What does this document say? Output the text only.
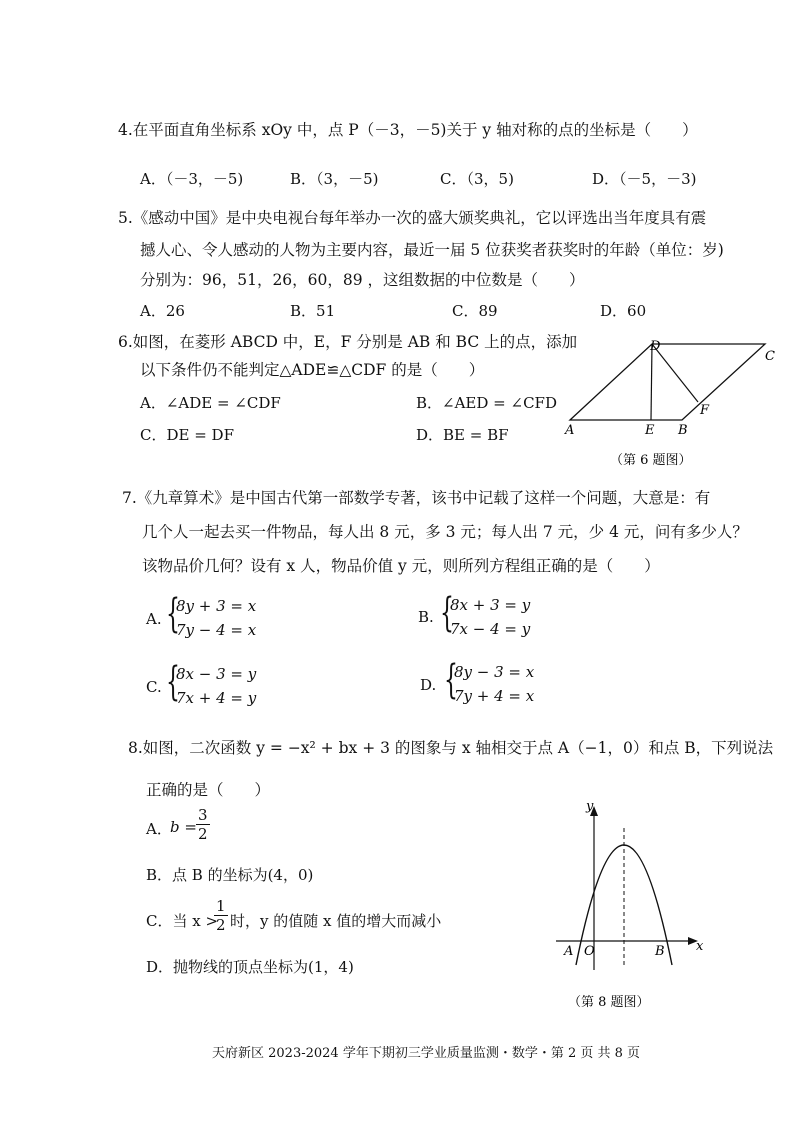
4.在平面直角坐标系 xOy 中，点 P（－3，－5)关于 y 轴对称的点的坐标是（　　）
A．（－3，－5)	B．（3，－5)	C．（3，5)	D．（－5，－3)
5.《感动中国》是中央电视台每年举办一次的盛大颁奖典礼，它以评选出当年度具有震
撼人心、令人感动的人物为主要内容，最近一届 5 位获奖者获奖时的年龄（单位：岁)
分别为：96，51，26，60，89 ，这组数据的中位数是（　　）
A．26	B．51	C．89	D．60
6.如图，在菱形 ABCD 中，E，F 分别是 AB 和 BC 上的点，添加
以下条件仍不能判定△ADE≌△CDF 的是（　　）
A．∠ADE = ∠CDF	B．∠AED = ∠CFD
C．DE = DF	D．BE = BF	A	E B
F
D
C
（第 6 题图）
7.《九章算术》是中国古代第一部数学专著，该书中记载了这样一个问题，大意是：有
几个人一起去买一件物品，每人出 8 元，多 3 元；每人出 7 元，少 4 元，问有多少人？
该物品价几何？设有 x 人，物品价值 y 元，则所列方程组正确的是（　　）
A. {
8y + 3 = x
7y − 4 = x
B. {
8x + 3 = y
7x − 4 = y
C. {
8x − 3 = y
7x + 4 = y
D. {
8y − 3 = x
7y + 4 = x
8.如图，二次函数 y = −x² + bx + 3 的图象与 x 轴相交于点 A（−1，0）和点 B，下列说法
正确的是（　　）
A．
$b = \frac{3}{2}$
B．点 B 的坐标为(4，0)
C．当 x >
$\frac{1}{2}$ 时，y 的值随 x 值的增大而减小
D．抛物线的顶点坐标为(1，4)
y
x
A O	B
（第 8 题图）
天府新区 2023-2024 学年下期初三学业质量监测・数学・第 2 页 共 8 页
